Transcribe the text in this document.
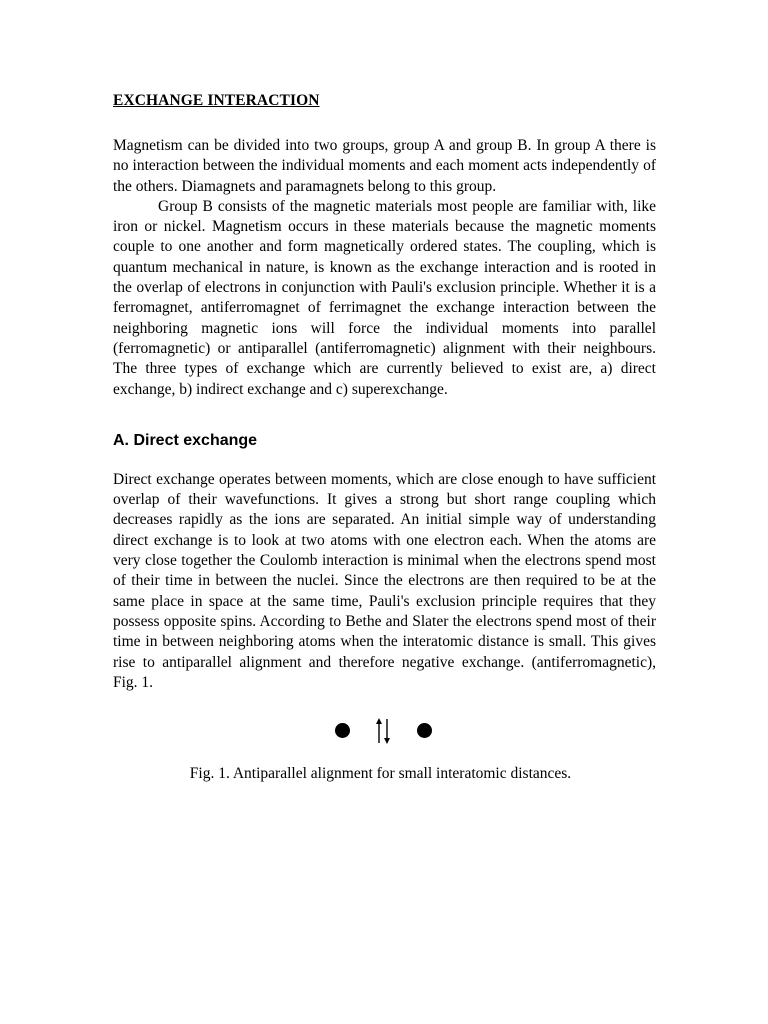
EXCHANGE INTERACTION

Magnetism can be divided into two groups, group A and group B. In group A there is no interaction between the individual moments and each moment acts independently of the others. Diamagnets and paramagnets belong to this group.

Group B consists of the magnetic materials most people are familiar with, like iron or nickel. Magnetism occurs in these materials because the magnetic moments couple to one another and form magnetically ordered states. The coupling, which is quantum mechanical in nature, is known as the exchange interaction and is rooted in the overlap of electrons in conjunction with Pauli's exclusion principle. Whether it is a ferromagnet, antiferromagnet of ferrimagnet the exchange interaction between the neighboring magnetic ions will force the individual moments into parallel (ferromagnetic) or antiparallel (antiferromagnetic) alignment with their neighbours. The three types of exchange which are currently believed to exist are, a) direct exchange, b) indirect exchange and c) superexchange.

A. Direct exchange

Direct exchange operates between moments, which are close enough to have sufficient overlap of their wavefunctions. It gives a strong but short range coupling which decreases rapidly as the ions are separated. An initial simple way of understanding direct exchange is to look at two atoms with one electron each. When the atoms are very close together the Coulomb interaction is minimal when the electrons spend most of their time in between the nuclei. Since the electrons are then required to be at the same place in space at the same time, Pauli's exclusion principle requires that they possess opposite spins. According to Bethe and Slater the electrons spend most of their time in between neighboring atoms when the interatomic distance is small. This gives rise to antiparallel alignment and therefore negative exchange. (antiferromagnetic), Fig. 1.

Fig. 1. Antiparallel alignment for small interatomic distances.
